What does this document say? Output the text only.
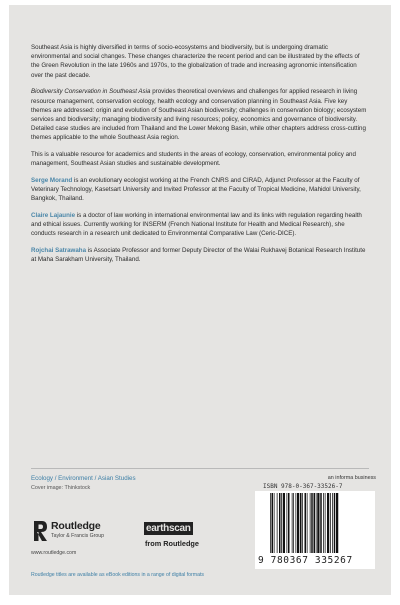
Southeast Asia is highly diversified in terms of socio-ecosystems and biodiversity, but is undergoing dramatic environmental and social changes. These changes characterize the recent period and can be illustrated by the effects of the Green Revolution in the late 1960s and 1970s, to the globalization of trade and increasing agronomic intensification over the past decade.

Biodiversity Conservation in Southeast Asia provides theoretical overviews and challenges for applied research in living resource management, conservation ecology, health ecology and conservation planning in Southeast Asia. Five key themes are addressed: origin and evolution of Southeast Asian biodiversity; challenges in conservation biology; ecosystem services and biodiversity; managing biodiversity and living resources; policy, economics and governance of biodiversity. Detailed case studies are included from Thailand and the Lower Mekong Basin, while other chapters address cross-cutting themes applicable to the whole Southeast Asia region.

This is a valuable resource for academics and students in the areas of ecology, conservation, environmental policy and management, Southeast Asian studies and sustainable development.

Serge Morand is an evolutionary ecologist working at the French CNRS and CIRAD, Adjunct Professor at the Faculty of Veterinary Technology, Kasetsart University and Invited Professor at the Faculty of Tropical Medicine, Mahidol University, Bangkok, Thailand.

Claire Lajaunie is a doctor of law working in international environmental law and its links with regulation regarding health and ethical issues. Currently working for INSERM (French National Institute for Health and Medical Research), she conducts research in a research unit dedicated to Environmental Comparative Law (Ceric-DICE).

Rojchai Satrawaha is Associate Professor and former Deputy Director of the Walai Rukhavej Botanical Research Institute at Maha Sarakham University, Thailand.

Ecology / Environment / Asian Studies
Cover image: Thinkstock
Routledge
Taylor & Francis Group
www.routledge.com
earthscan
from Routledge
Routledge titles are available as eBook editions in a range of digital formats
an informa business
ISBN 978-0-367-33526-7
9 780367 335267
